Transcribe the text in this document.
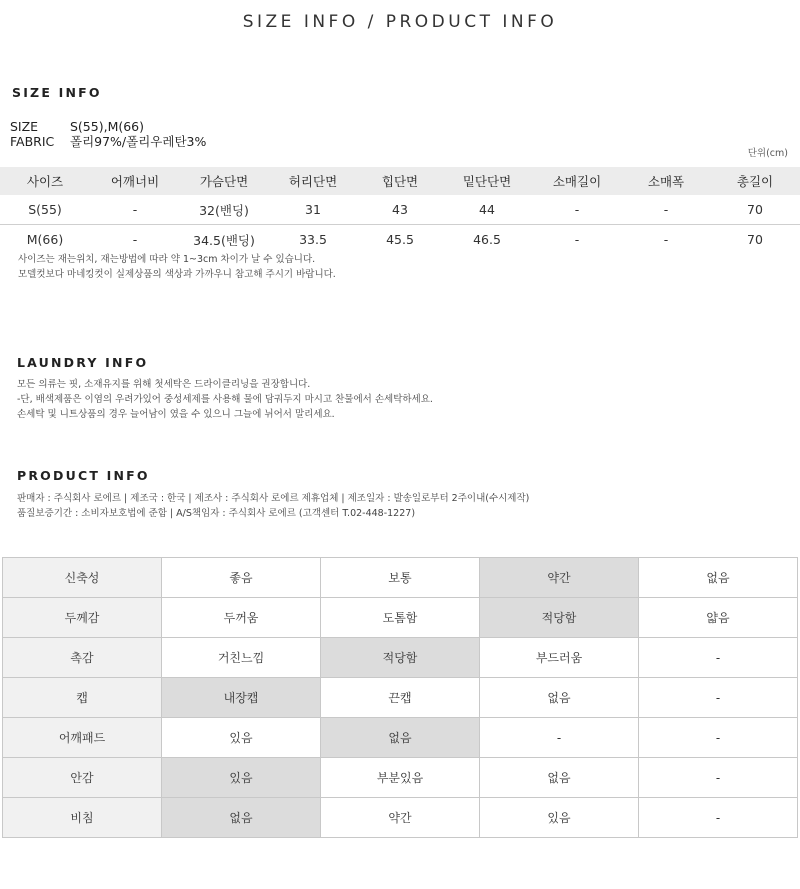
SIZE INFO / PRODUCT INFO
SIZE INFO
SIZE	S(55),M(66)
FABRIC 폴리97%/폴리우레탄3%
단위(cm)
사이즈	어깨너비	가슴단면	허리단면	힙단면	밑단단면	소매길이	소매폭	총길이
S(55)	-	32(밴딩)	31	43	44	-	-	70
M(66)	-	34.5(밴딩)	33.5	45.5	46.5	-	-	70
사이즈는 재는위치, 재는방법에 따라 약 1~3cm 차이가 날 수 있습니다.
모델컷보다 마네킹컷이 실제상품의 색상과 가까우니 참고해 주시기 바랍니다.
LAUNDRY INFO
모든 의류는 핏, 소재유지를 위해 첫세탁은 드라이클리닝을 권장합니다.
-단, 배색제품은 이염의 우려가있어 중성세제를 사용해 물에 담궈두지 마시고 찬물에서 손세탁하세요.
손세탁 및 니트상품의 경우 늘어남이 였을 수 있으니 그늘에 뉘어서 말리세요.
PRODUCT INFO
판매자 : 주식회사 로에르 | 제조국 : 한국 | 제조사 : 주식회사 로에르 제휴업체 | 제조일자 : 발송일로부터 2주이내(수시제작)
품질보증기간 : 소비자보호법에 준함 | A/S책임자 : 주식회사 로에르 (고객센터 T.02-448-1227)
신축성	좋음	보통	약간	없음
두께감	두꺼움	도톰함	적당함	얇음
촉감	거친느낌	적당함	부드러움	-
캡	내장캡	끈캡	없음	-
어깨패드	있음	없음	-	-
안감	있음	부분있음	없음	-
비침	없음	약간	있음	-
